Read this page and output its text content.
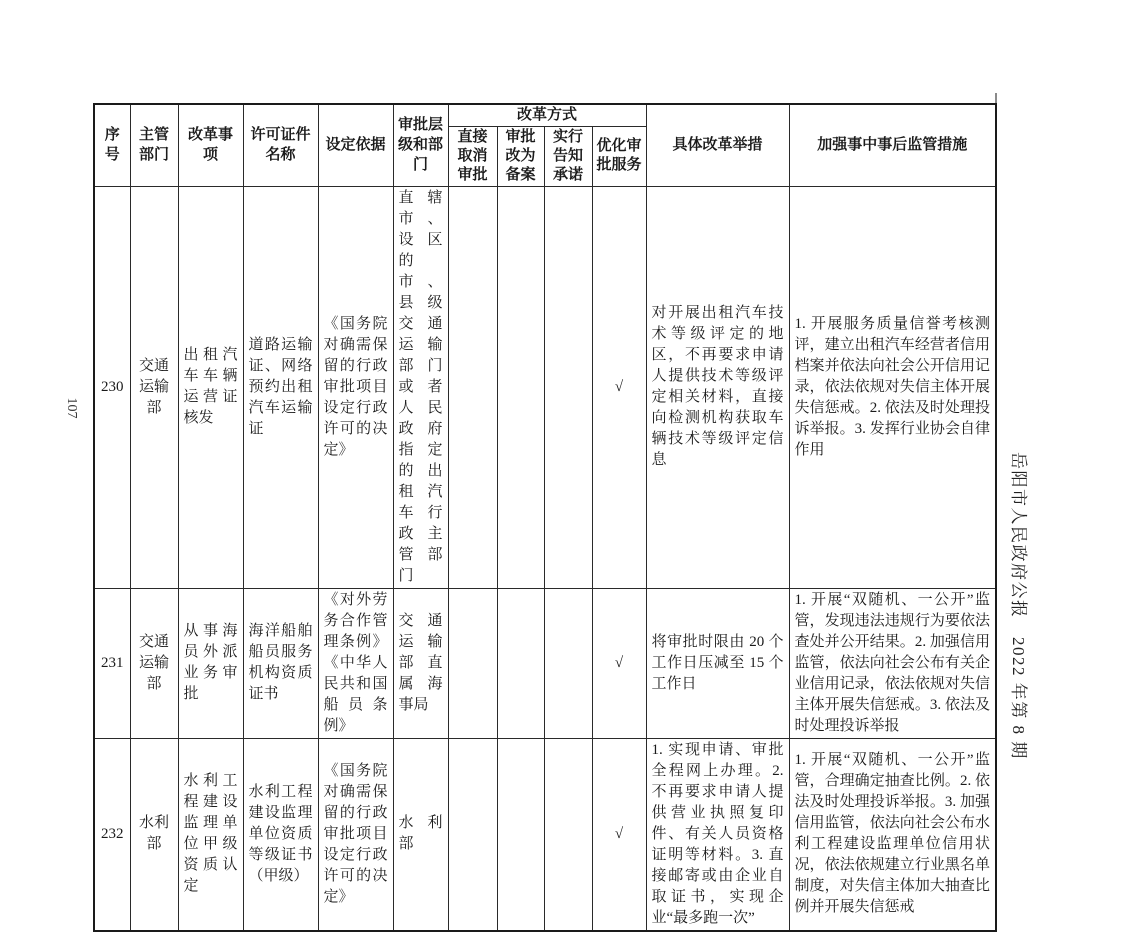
107
岳阳市人民政府公报　2022 年第 8 期
序号	主管部门	改革事项	许可证件名称	设定依据	审批层级和部门	改革方式				具体改革举措	加强事中事后监管措施
						直接取消审批	审批改为备案	实行告知承诺	优化审批服务		
230	交通运输部	出租汽车车辆运营证核发	道路运输证、网络预约出租汽车运输证	《国务院对确需保留的行政审批项目设定行政许可的决定》	直辖市、设区的市、县级交通运输部门或者人民政府指定的出租汽车行政主管部门				√	对开展出租汽车技术等级评定的地区，不再要求申请人提供技术等级评定相关材料，直接向检测机构获取车辆技术等级评定信息	1. 开展服务质量信誉考核测评，建立出租汽车经营者信用档案并依法向社会公开信用记录，依法依规对失信主体开展失信惩戒。2. 依法及时处理投诉举报。3. 发挥行业协会自律作用
231	交通运输部	从事海员外派业务审批	海洋船舶船员服务机构资质证书	《对外劳务合作管理条例》《中华人民共和国船员条例》	交通运输部直属海事局				√	将审批时限由 20 个工作日压减至 15 个工作日	1. 开展“双随机、一公开”监管，发现违法违规行为要依法查处并公开结果。2. 加强信用监管，依法向社会公布有关企业信用记录，依法依规对失信主体开展失信惩戒。3. 依法及时处理投诉举报
232	水利部	水利工程建设监理单位甲级资质认定	水利工程建设监理单位资质等级证书（甲级）	《国务院对确需保留的行政审批项目设定行政许可的决定》	水利部				√	1. 实现申请、审批全程网上办理。2. 不再要求申请人提供营业执照复印件、有关人员资格证明等材料。3. 直接邮寄或由企业自取证书，实现企业“最多跑一次”	1. 开展“双随机、一公开”监管，合理确定抽查比例。2. 依法及时处理投诉举报。3. 加强信用监管，依法向社会公布水利工程建设监理单位信用状况，依法依规建立行业黑名单制度，对失信主体加大抽查比例并开展失信惩戒
